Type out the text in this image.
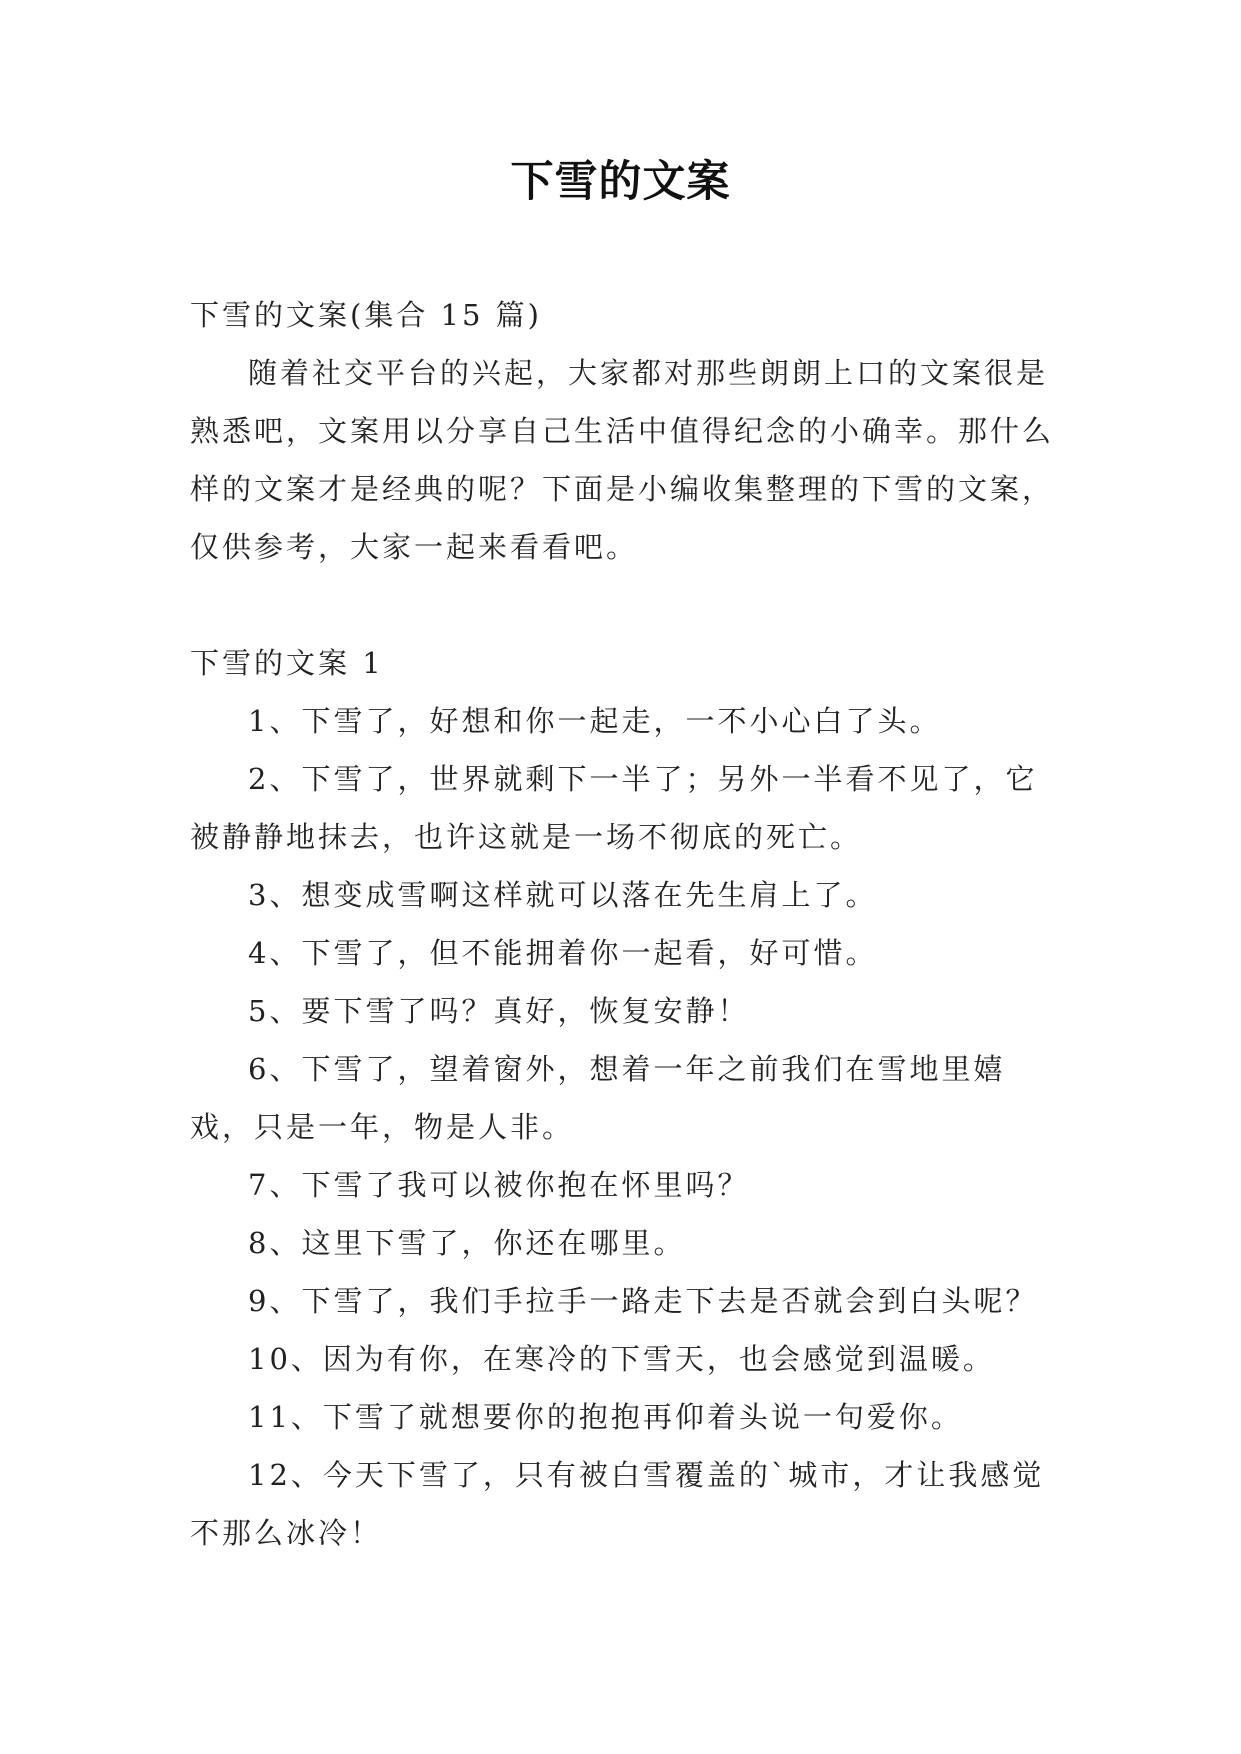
下雪的文案

下雪的文案(集合 15 篇)

随着社交平台的兴起，大家都对那些朗朗上口的文案很是熟悉吧，文案用以分享自己生活中值得纪念的小确幸。那什么样的文案才是经典的呢？下面是小编收集整理的下雪的文案，仅供参考，大家一起来看看吧。

下雪的文案 1

1、下雪了，好想和你一起走，一不小心白了头。

2、下雪了，世界就剩下一半了；另外一半看不见了，它被静静地抹去，也许这就是一场不彻底的死亡。

3、想变成雪啊这样就可以落在先生肩上了。

4、下雪了，但不能拥着你一起看，好可惜。

5、要下雪了吗？真好，恢复安静！

6、下雪了，望着窗外，想着一年之前我们在雪地里嬉戏，只是一年，物是人非。

7、下雪了我可以被你抱在怀里吗？

8、这里下雪了，你还在哪里。

9、下雪了，我们手拉手一路走下去是否就会到白头呢？

10、因为有你，在寒冷的下雪天，也会感觉到温暖。

11、下雪了就想要你的抱抱再仰着头说一句爱你。

12、今天下雪了，只有被白雪覆盖的`城市，才让我感觉不那么冰冷！
